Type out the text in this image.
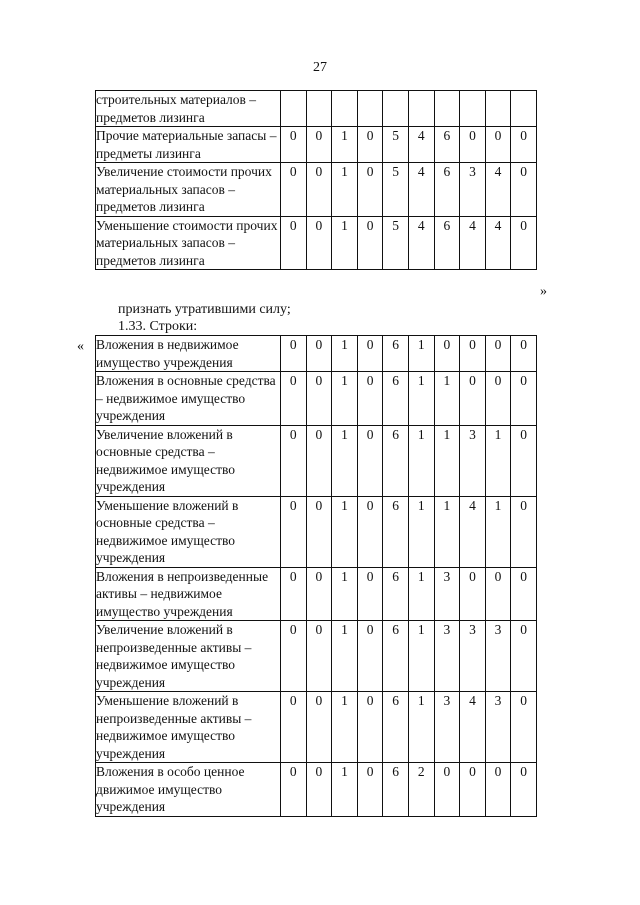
27
строительных материалов – предметов лизинга										
Прочие материальные запасы – предметы лизинга	0	0	1	0	5	4	6	0	0	0
Увеличение стоимости прочих материальных запасов – предметов лизинга	0	0	1	0	5	4	6	3	4	0
Уменьшение стоимости прочих материальных запасов – предметов лизинга	0	0	1	0	5	4	6	4	4	0
»
признать утратившими силу;
1.33. Строки:
« Вложения в недвижимое имущество учреждения	0	0	1	0	6	1	0	0	0	0
Вложения в основные средства – недвижимое имущество учреждения	0	0	1	0	6	1	1	0	0	0
Увеличение вложений в основные средства – недвижимое имущество учреждения	0	0	1	0	6	1	1	3	1	0
Уменьшение вложений в основные средства – недвижимое имущество учреждения	0	0	1	0	6	1	1	4	1	0
Вложения в непроизведенные активы – недвижимое имущество учреждения	0	0	1	0	6	1	3	0	0	0
Увеличение вложений в непроизведенные активы – недвижимое имущество учреждения	0	0	1	0	6	1	3	3	3	0
Уменьшение вложений в непроизведенные активы – недвижимое имущество учреждения	0	0	1	0	6	1	3	4	3	0
Вложения в особо ценное движимое имущество учреждения	0	0	1	0	6	2	0	0	0	0
